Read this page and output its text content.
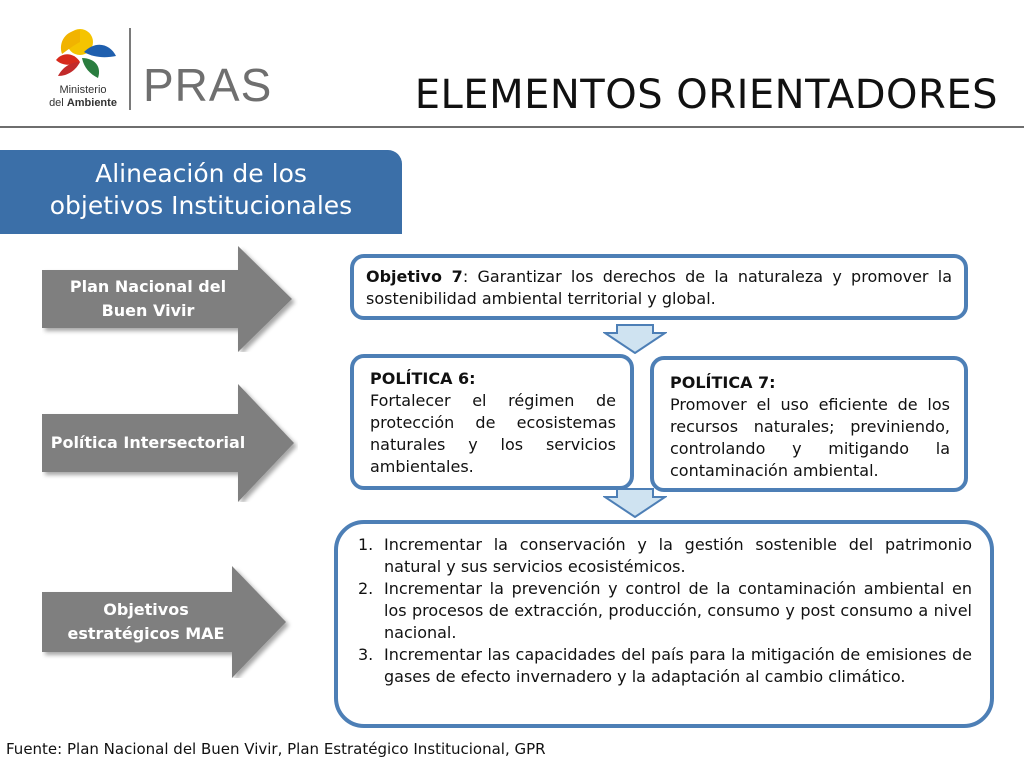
Ministerio
del Ambiente PRAS	ELEMENTOS ORIENTADORES
Alineación de los
objetivos Institucionales
Plan Nacional del Buen Vivir
Política Intersectorial
Objetivos estratégicos MAE
Objetivo 7: Garantizar los derechos de la naturaleza y promover la sostenibilidad ambiental territorial y global.
POLÍTICA 6:
Fortalecer el régimen de protección de ecosistemas naturales y los servicios ambientales.
POLÍTICA 7:
Promover el uso eficiente de los recursos naturales; previniendo, controlando y mitigando la contaminación ambiental.
1. Incrementar la conservación y la gestión sostenible del patrimonio natural y sus servicios ecosistémicos.
2. Incrementar la prevención y control de la contaminación ambiental en los procesos de extracción, producción, consumo y post consumo a nivel nacional.
3. Incrementar las capacidades del país para la mitigación de emisiones de gases de efecto invernadero y la adaptación al cambio climático.
Fuente: Plan Nacional del Buen Vivir, Plan Estratégico Institucional, GPR
